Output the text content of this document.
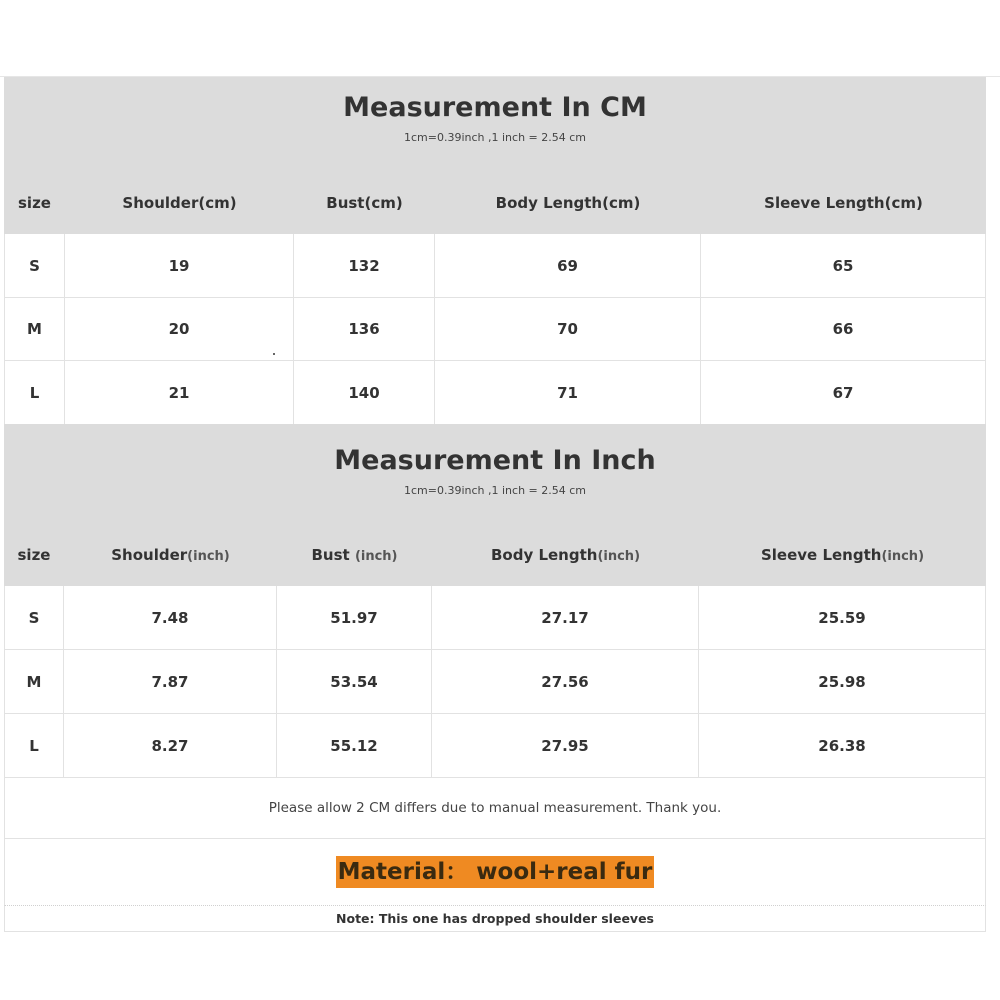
Measurement In CM
1cm=0.39inch ,1 inch = 2.54 cm
size	Shoulder(cm)	Bust(cm)	Body Length(cm)	Sleeve Length(cm)
S	19	132	69	65
M	20	136	70	66
L	21	140	71	67
Measurement In Inch
1cm=0.39inch ,1 inch = 2.54 cm
size	Shoulder(inch)	Bust (inch)	Body Length(inch)	Sleeve Length(inch)
S	7.48	51.97	27.17	25.59
M	7.87	53.54	27.56	25.98
L	8.27	55.12	27.95	26.38
Please allow 2 CM differs due to manual measurement. Thank you.
Material： wool+real fur
Note: This one has dropped shoulder sleeves
